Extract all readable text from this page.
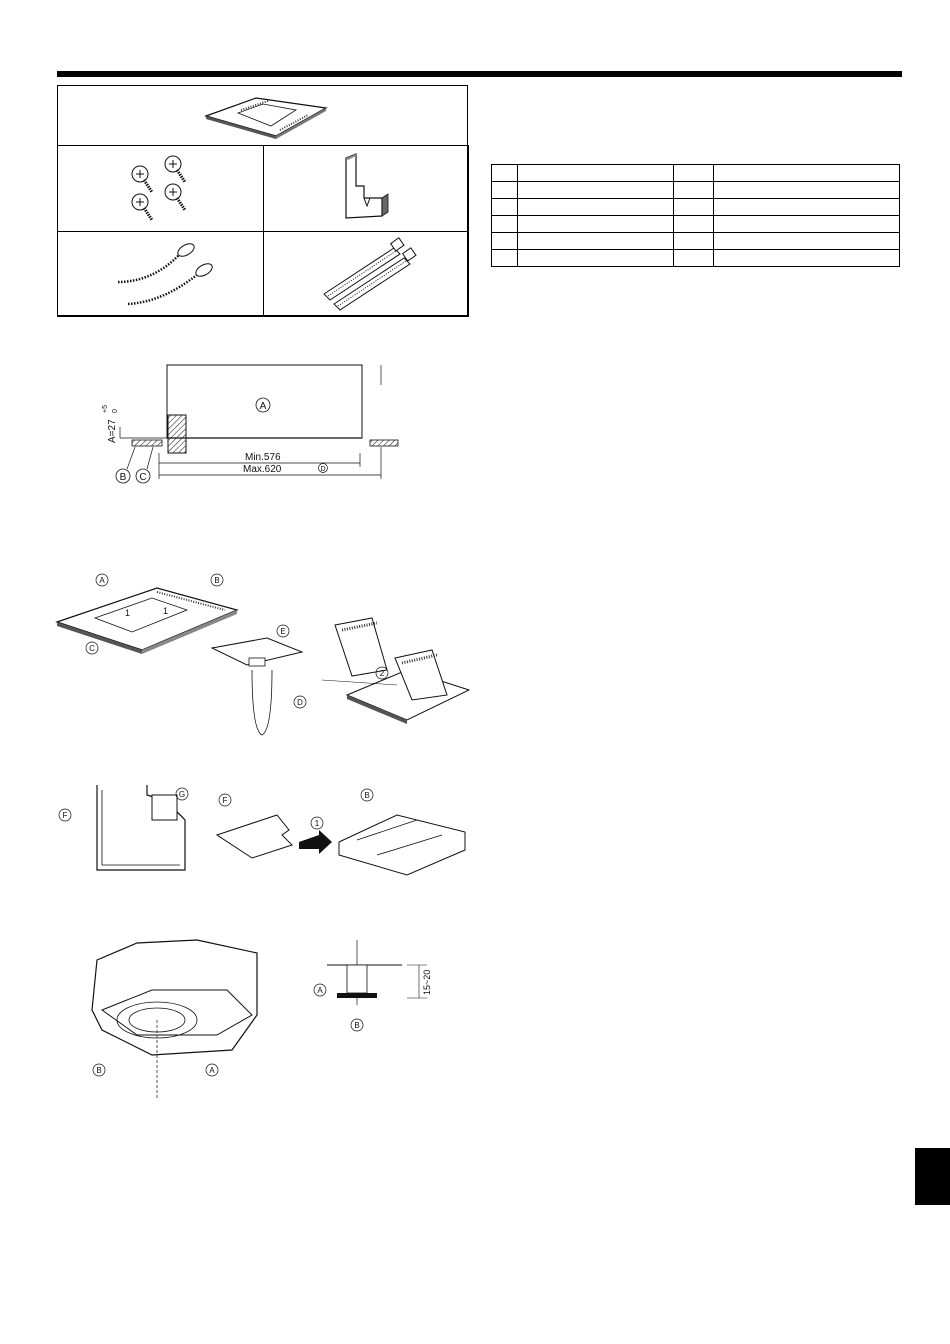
A
A=27
+5 0
Min.576
Max.620	D
B C
1	1
A	B
C
E
D
2
F
G
F
1
B
B	A
15~20
A
B
